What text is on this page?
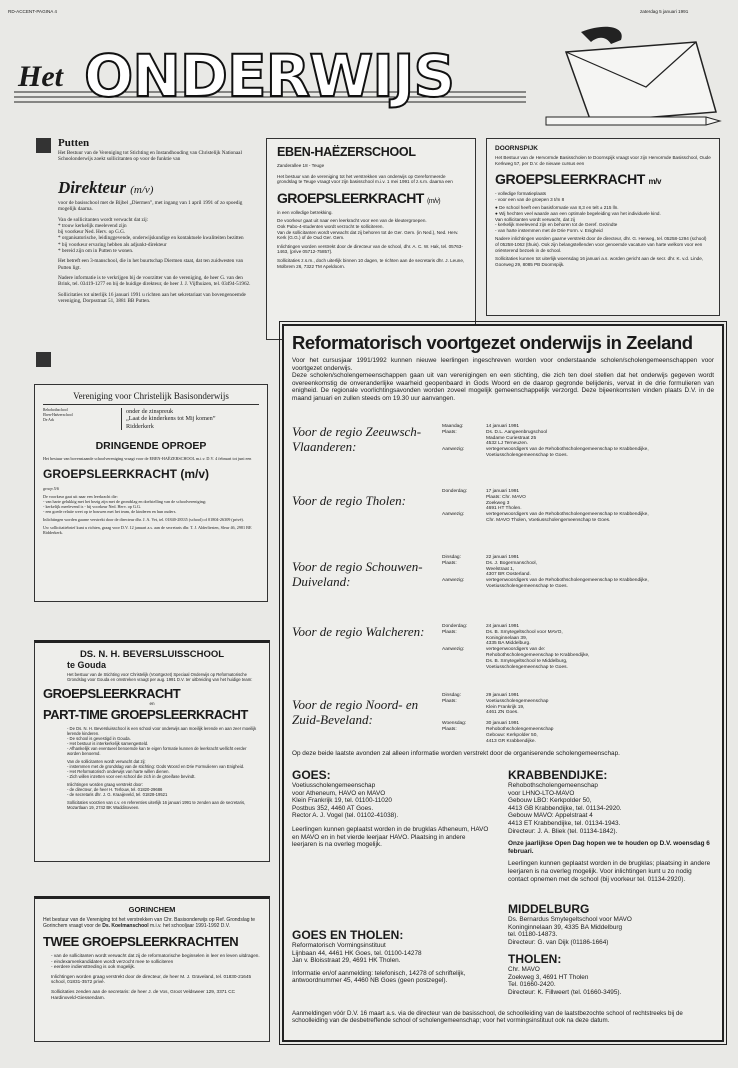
RD-ACCENT-PAGINA 4	zaterdag 5 januari 1991
Het ONDERWIJS
Putten
Het Bestuur van de Vereniging tot Stichting en Instandhouding van Christelijk Nationaal Schoolonderwijs zoekt sollicitanten op voor de funktie van
Direkteur (m/v)

voor de basisschool met de Bijbel „Diermen”, met ingang van 1 april 1991 of zo spoedig mogelijk daarna.

Van de sollicitanten wordt verwacht dat zij:

* trouw kerkelijk meelevend zijn

bij voorkeur Ned. Herv. op G.G.

* organisatorische, leidinggevende, onderwijskundige en kontaktuele kwaliteiten bezitten

* bij voorkeur ervaring hebben als adjunkt-direkteur

* bereid zijn om in Putten te wonen.

Het betreft een 3-manschool, die in het buurtschap Diermen staat, dat ten zuidwesten van Putten ligt.

Nadere informatie is te verkrijgen bij de voorzitter van de vereniging, de heer G. van den Brink, tel. 03419-1277 en bij de huidige direkteur, de heer J. J. Vijfhuizen, tel. 03494-51962.

Sollicitaties tot uiterlijk 16 januari 1991 u richten aan het sekretariaat van bovengenoemde vereniging, Dorpsstraat 51, 3881 BB Putten.

EBEN-HAËZERSCHOOL
Zanderallee 18 - Teuge
Het bestuur van de vereniging tot het verstrekken van onderwijs op Gereformeerde grondslag te Teuge vraagt voor zijn basisschool m.i.v. 1 mei 1991 of z.s.m. daarna een
GROEPSLEERKRACHT (m/v)

in een volledige betrekking.

De voorkeur gaat uit naar een leerkracht voor een van de kleutergroepen.

Ook Pabo-4-studenten wordt verzocht te solliciteren.

Van de sollicitanten wordt verwacht dat zij behoren tot de Ger. Gem. (in Ned.), Ned. Herv. Kerk (G.G.) of de Oud Ger. Gem.

Inlichtingen worden verstrekt door de directeur van de school, dhr. A. C. W. Hak, tel. 05763-1463, (prive 05712-75857).

Sollicitaties z.s.m., doch uiterlijk binnen 10 dagen, te richten aan de secretaris dhr. J. Leune, Molbrem 26, 7322 TM Apeldoorn.

DOORNSPIJK
Het Bestuur van de Hervormde Basisscholen te Doornspijk vraagt voor zijn Hervormde Basisschool, Oude Kerkweg 57, per D.V. de nieuwe cursus een
GROEPSLEERKRACHT m/v

- volledige formatieplaats

- voor een van de groepen 3 t/m 8

● De school heeft een basisformatie van 8,3 en telt ± 215 lln.

● Wij hechten veel waarde aan een optimale begeleiding van het individuele kind.

Van sollicitanten wordt verwacht, dat zij

- kerkelijk meelevend zijn en behoren tot de Geref. Gezindte

- van harte instemmen met de Drie Form. v. Enigheid

Nadere inlichtingen worden gaarne verstrekt door de directeur, dhr. G. Herweg, tel. 05258-1294 (school) of 05258-1062 (thuis). Ook zijn belangstellenden voor genoemde vacature van harte welkom voor een oriënterend bezoek in de school.

Sollicitaties kunnen tot uiterlijk woensdag 16 januari a.s. worden gericht aan de secr. dhr. K. v.d. Linde, Goorweg 29, 8085 PB Doornspijk.

Reformatorisch voortgezet onderwijs in Zeeland

Voor het cursusjaar 1991/1992 kunnen nieuwe leerlingen ingeschreven worden voor onderstaande scholen/scholengemeenschappen voor voortgezet onderwijs.

Deze scholen/scholengemeenschappen gaan uit van verenigingen en een stichting, die zich ten doel stellen dat het onderwijs gegeven wordt overeenkomstig de onveranderlijke waarheid geopenbaard in Gods Woord en de daarop gegronde belijdenis, vervat in de drie formulieren van enigheid. De regionale voorlichtingsavonden worden zoveel mogelijk gemeenschappelijk verzorgd. Deze bijeenkomsten vinden plaats D.V. in de maand januari en zullen steeds om 19.30 uur aanvangen.

Voor de regio Zeeuwsch-Vlaanderen:
Maandag:	14 januari 1991
Plaats:	Ds. D.L. Aangeenbrugschool
Madame Curiestraat 25
4532 LJ Terneuzen.
Aanwezig:	vertegenwoordigers van de Rehobothscholengemeenschap te Krabbendijke, Voetiusscholengemeenschap te Goes.
Voor de regio Tholen:
Donderdag:	17 januari 1991
Plaats: Chr. MAVO
Zoekweg 3
4691 HT Tholen.
Aanwezig:	vertegenwoordigers van de Rehobothscholengemeenschap te Krabbendijke,
Chr. MAVO Tholen, Voetiusscholengemeenschap te Goes.
Voor de regio Schouwen-Duiveland:
Dinsdag:	22 januari 1991
Plaats:	Ds. J. Bogermanschool,
Weelstraat 1,
4307 BR Oosterland.
Aanwezig:	vertegenwoordigers van de Rehobothscholengemeenschap te Krabbendijke,
Voetiusscholengemeenschap te Goes.
Voor de regio Walcheren:	Donderdag:	24 januari 1991
Plaats:	Ds. B. Smytegeltschool voor MAVO,
Koninginnelaan 39,
4335 BA Middelburg.
Aanwezig:	vertegenwoordigers van de:
Rehobothscholengemeenschap te Krabbendijke,
Ds. B. Smytegeltschool te Middelburg,
Voetiusscholengemeenschap te Goes.
Voor de regio Noord- en Zuid-Beveland:
Dinsdag:	29 januari 1991
Plaats:	Voetiusscholengemeenschap
Klein Frankrijk 19,
4461 ZN Goes.
Woensdag:	30 januari 1991
Plaats:	Rehobothscholengemeenschap
Gebouw: Kerkpolder 50,
4413 GR Krabbendijke.
Op deze beide laatste avonden zal alleen informatie worden verstrekt door de organiserende scholengemeenschap.
GOES:

Voetiusscholengemeenschap

voor Atheneum, HAVO en MAVO

Klein Frankrijk 19, tel. 01100-11020

Postbus 352, 4460 AT Goes.

Rector A. J. Vogel (tel. 01102-41038).

Leerlingen kunnen geplaatst worden in de brugklas Atheneum, HAVO en MAVO en in het vierde leerjaar HAVO. Plaatsing in andere leerjaren is na overleg mogelijk.

GOES EN THOLEN:

Reformatorisch Vormingsinstituut

Lijnbaan 44, 4461 HK Goes, tel. 01100-14278

Jan v. Bloisstraat 29, 4691 HK Tholen.

Informatie en/of aanmelding: telefonisch, 14278 of schriftelijk, antwoordnummer 45, 4460 NB Goes (geen postzegel).

KRABBENDIJKE:

Rehobothscholengemeenschap

voor LHNO-LTO-MAVO

Gebouw LBO: Kerkpolder 50,

4413 GB Krabbendijke, tel. 01134-2920.

Gebouw MAVO: Appelstraat 4

4413 ET Krabbendijke, tel. 01134-1943.

Directeur: J. A. Bliek (tel. 01134-1842).

Onze jaarlijkse Open Dag hopen we te houden op D.V. woensdag 6 februari.

Leerlingen kunnen geplaatst worden in de brugklas; plaatsing in andere leerjaren is na overleg mogelijk. Voor inlichtingen kunt u zo nodig contact opnemen met de school (bij voorkeur tel. 01134-2920).

MIDDELBURG

Ds. Bernardus Smytegeltschool voor MAVO

Koninginnelaan 39, 4335 BA Middelburg

tel. 01180-14873.

Directeur: G. van Dijk (01186-1664)

THOLEN:

Chr. MAVO

Zoekweg 3, 4691 HT Tholen

Tel. 01660-2420.

Directeur: K. Fillweert (tel. 01660-3495).

Aanmeldingen vóór D.V. 16 maart a.s. via de directeur van de basisschool, de schoolleiding van de laatstbezochte school of rechtstreeks bij de schoolleiding van de desbetreffende school of scholengemeenschap; voor het vormingsinstituut ook na deze datum.
Vereniging voor Christelijk Basisonderwijs

Rehobothschool

Eben-Haëzerschool

De Ark

onder de zinspreuk

„Laat de kinderkens tot Mij komen”

Ridderkerk

DRINGENDE OPROEP
Het bestuur van bovenstaande schoolvereniging vraagt voor de EBEN-HAËZERSCHOOL m.i.v. D.V. 4 februari tot juni een
GROEPSLEERKRACHT (m/v)

groep 5/6

De voorkeur gaat uit naar een leerkracht die:

- van harte gelukkig met het bezig zijn met de grondslag en doelstelling van de schoolvereniging;

- kerkelijk meelevend is - bij voorkeur Ned. Herv. op G.G.

- een goede relatie weet op te bouwen met het team, de kinderen en hun ouders.

Inlichtingen worden gaarne verstrekt door de directeur dhr. J. A. Vet, tel. 01840-28335 (school) of 01804-26309 (privé).

Uw sollicitatiebrief kunt u richten, graag voor D.V. 12 januari a.s. aan de secretaris dhr. T. J. Alderliesten, Sleur 46, 2981 BE Ridderkerk.

DS. N. H. BEVERSLUISSCHOOL
te Gouda
Het bestuur van de Stichting voor Christelijk (Voortgezet) Speciaal Onderwijs op Reformatorische Grondslag voor Gouda en omstreken vraagt per aug. 1991 D.V. ter uitbreiding van het huidige team:
GROEPSLEERKRACHT
en
PART-TIME GROEPSLEERKRACHT

- De Ds. N. H. Beversluisschool is een school voor onderwijs aan moeilijk lerende en aan zeer moeilijk lerende kinderen.

- De school is gevestigd in Gouda.

- Het bestuur is interkerkelijk samengesteld.

- Afhankelijk van eventueel benoemde kan te eigen formatie kunnen de leerkracht wellicht eerder worden benoemd.

Van de sollicitanten wordt verwacht dat zij:

- instemmen met de grondslag van de stichting: Gods Woord en Drie Formulieren van Enigheid.

- Het Reformatorisch onderwijs van harte willen dienen.

- Zich willen inzetten voor een school die zich in de groeifase bevindt.

Inlichtingen worden graag verstrekt door:

- de directeur, de heer H. Terlouw, tel. 01820-29686

- de secretaris dhr. J. G. Kraaijeveld, tel. 01828-19521

Sollicitaties voorzien van c.v. en referenties uiterlijk 16 januari 1991 te zenden aan de secretaris, Mozartlaan 19, 2742 BK Waddinxveen.

GORINCHEM
Het bestuur van de Vereniging tot het verstrekken van Chr. Basisonderwijs op Ref. Grondslag te Gorinchem vraagt voor de Ds. Koelmanschool m.i.v. het schooljaar 1991-1992 D.V.
TWEE GROEPSLEERKRACHTEN

- van de sollicitanten wordt verwacht dat zij de reformatorische beginselen in leer en leven uitdragen.

- eindexamenkandidaten wordt verzocht mee te solliciteren

- eerdere indiensttreding is ook mogelijk.

Inlichtingen worden graag verstrekt door de directeur, de heer M. J. Graveland, tel. 01830-21645 school, 01831-3572 privé.

Sollicitaties zenden aan de secretaris: de heer J. de Vos, Groot Veldsweer 129, 3371 CC Hardinxveld-Giessendam.
